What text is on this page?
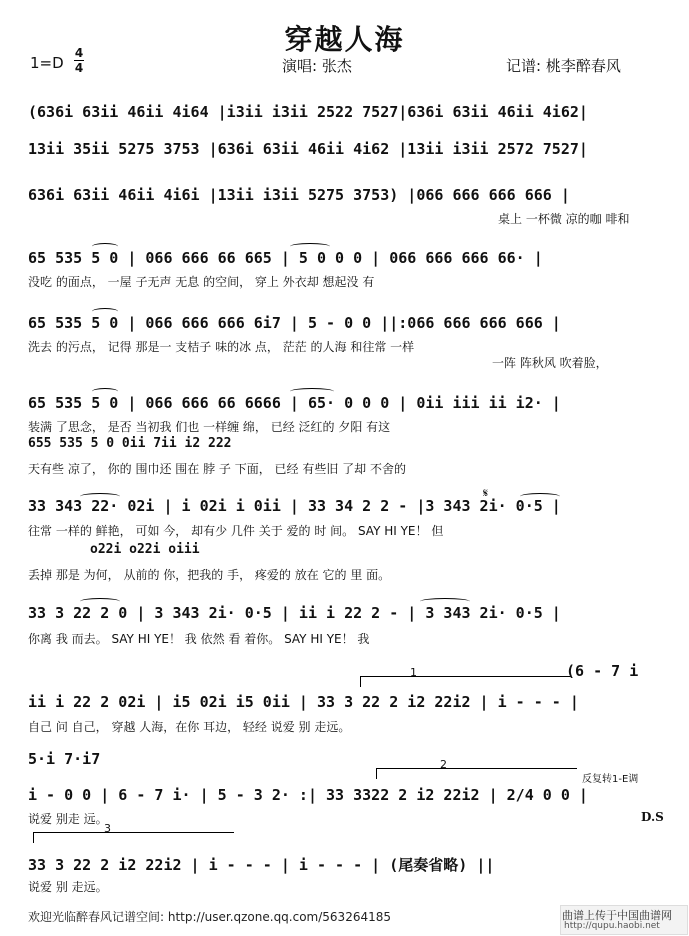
穿越人海
1=D
4
4	演唱: 张杰	记谱: 桃李醉春风
(636i 63ii 46ii 4i64 |i3ii i3ii 2522 7527|636i 63ii 46ii 4i62|
13ii 35ii 5275 3753 |636i 63ii 46ii 4i62 |13ii i3ii 2572 7527|
636i 63ii 46ii 4i6i |13ii i3ii 5275 3753) |066 666 666 666 |
桌上 一杯微 凉的咖 啡和
65 535 5 0 | 066 666 66 665 | 5 0 0 0 | 066 666 666 66· |
没吃 的面点， 一屋 子无声 无息 的空间， 穿上 外衣却 想起没 有
65 535 5 0 | 066 666 666 6i7 | 5 - 0 0 ||:066 666 666 666 |
洗去 的污点， 记得 那是一 支桔子 味的冰 点， 茫茫 的人海 和往常 一样
一阵 阵秋风 吹着脸，
65 535 5 0 | 066 666 66 6666 | 65· 0 0 0 | 0ii iii ii i2· |
装满 了思念， 是否 当初我 们也 一样缠 绵， 已经 泛红的 夕阳 有这
655 535 5 0 0ii 7ii i2 222
天有些 凉了， 你的 围巾还 围在 脖 子 下面， 已经 有些旧 了却 不舍的
𝄋
33 343 22· 02i | i 02i i 0ii | 33 34 2 2 - |3 343 2i· 0·5 |
往常 一样的 鲜艳， 可如 今， 却有少 几件 关于 爱的 时 间。 SAY HI YE！ 但
o22i o22i oiii
丢掉 那是 为何， 从前的 你，把我的 手， 疼爱的 放在 它的 里 面。
33 3 22 2 0 | 3 343 2i· 0·5 | ii i 22 2 - | 3 343 2i· 0·5 |
你离 我 而去。 SAY HI YE！ 我 依然 看 着你。 SAY HI YE！ 我
1	(6 - 7 i
ii i 22 2 02i | i5 02i i5 0ii | 33 3 22 2 i2 22i2 | i - - - |
自己 问 自己， 穿越 人海，在你 耳边， 轻经 说爱 别 走远。
5·i 7·i7	2
反复转1-E调
i - 0 0 | 6 - 7 i· | 5 - 3 2· :| 33 3322 2 i2 22i2 | 2/4 0 0 |
说爱 别走 远。	D.S
3
33 3 22 2 i2 22i2 | i - - - | i - - - | (尾奏省略) ||
说爱 别 走远。
欢迎光临醉春风记谱空间: http://user.qzone.qq.com/563264185	曲谱上传于中国曲谱网
http://qupu.haobi.net
